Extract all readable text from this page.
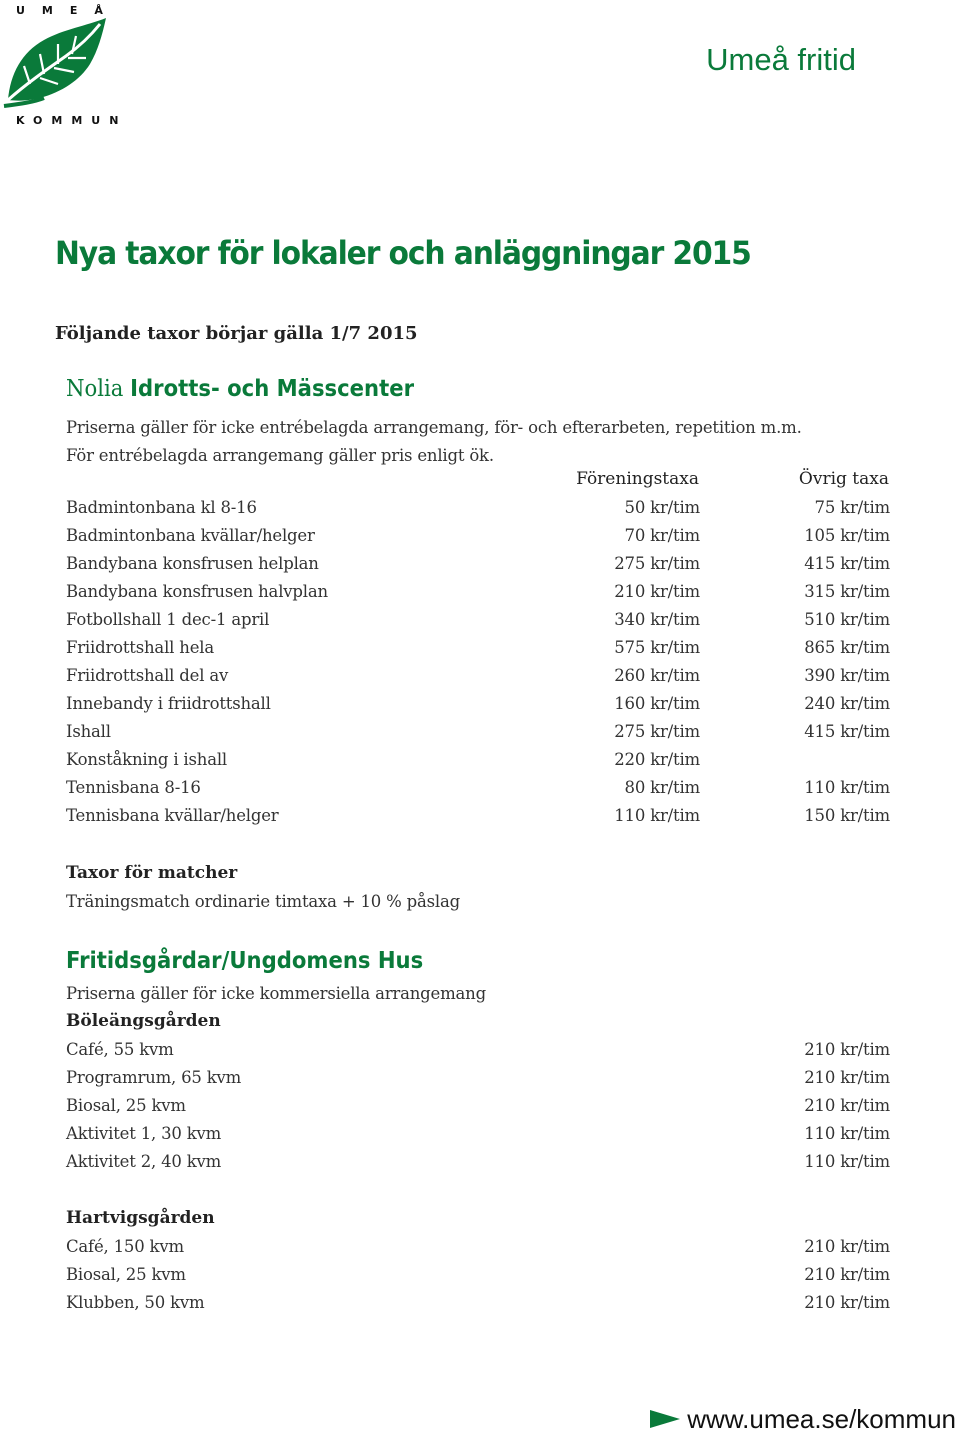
UMEÅ
KOMMUN
Umeå fritid
Nya taxor för lokaler och anläggningar 2015
Följande taxor börjar gälla 1/7 2015
Nolia Idrotts- och Mässcenter
Priserna gäller för icke entrébelagda arrangemang, för- och efterarbeten, repetition m.m.
För entrébelagda arrangemang gäller pris enligt ök.
Föreningstaxa	Övrig taxa
Badmintonbana kl 8-16	50 kr/tim	75 kr/tim
Badmintonbana kvällar/helger	70 kr/tim	105 kr/tim
Bandybana konsfrusen helplan	275 kr/tim	415 kr/tim
Bandybana konsfrusen halvplan	210 kr/tim	315 kr/tim
Fotbollshall 1 dec-1 april	340 kr/tim	510 kr/tim
Friidrottshall hela	575 kr/tim	865 kr/tim
Friidrottshall del av	260 kr/tim	390 kr/tim
Innebandy i friidrottshall	160 kr/tim	240 kr/tim
Ishall	275 kr/tim	415 kr/tim
Konståkning i ishall	220 kr/tim
Tennisbana 8-16	80 kr/tim	110 kr/tim
Tennisbana kvällar/helger	110 kr/tim	150 kr/tim
Taxor för matcher
Träningsmatch ordinarie timtaxa + 10 % påslag
Fritidsgårdar/Ungdomens Hus
Priserna gäller för icke kommersiella arrangemang
Böleängsgården
Café, 55 kvm	210 kr/tim
Programrum, 65 kvm	210 kr/tim
Biosal, 25 kvm	210 kr/tim
Aktivitet 1, 30 kvm	110 kr/tim
Aktivitet 2, 40 kvm	110 kr/tim
Hartvigsgården
Café, 150 kvm	210 kr/tim
Biosal, 25 kvm	210 kr/tim
Klubben, 50 kvm	210 kr/tim
www.umea.se/kommun
